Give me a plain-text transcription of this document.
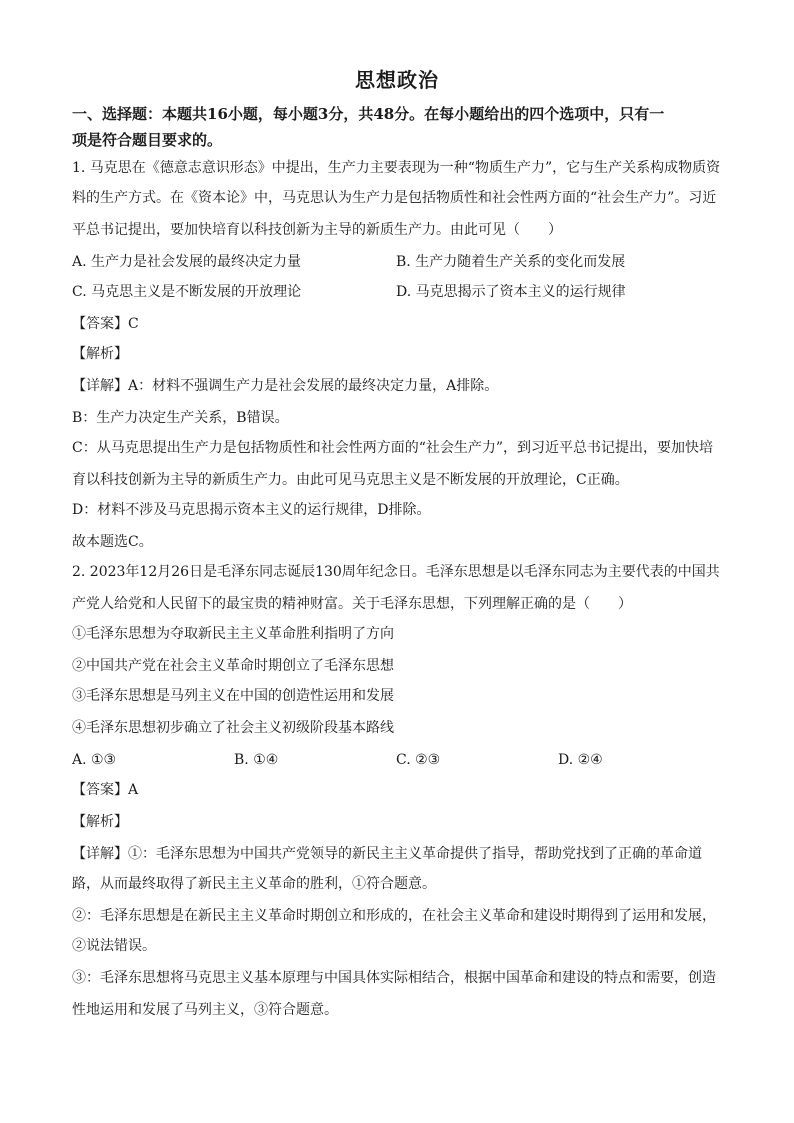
思想政治
一、选择题：本题共16小题，每小题3分，共48分。在每小题给出的四个选项中，只有一
项是符合题目要求的。
1. 马克思在《德意志意识形态》中提出，生产力主要表现为一种“物质生产力”，它与生产关系构成物质资
料的生产方式。在《资本论》中，马克思认为生产力是包括物质性和社会性两方面的“社会生产力”。习近
平总书记提出，要加快培育以科技创新为主导的新质生产力。由此可见（　　）
A. 生产力是社会发展的最终决定力量	B. 生产力随着生产关系的变化而发展
C. 马克思主义是不断发展的开放理论	D. 马克思揭示了资本主义的运行规律
【答案】C
【解析】
【详解】A：材料不强调生产力是社会发展的最终决定力量，A排除。
B：生产力决定生产关系，B错误。
C：从马克思提出生产力是包括物质性和社会性两方面的“社会生产力”，到习近平总书记提出，要加快培
育以科技创新为主导的新质生产力。由此可见马克思主义是不断发展的开放理论，C正确。
D：材料不涉及马克思揭示资本主义的运行规律，D排除。
故本题选C。
2. 2023年12月26日是毛泽东同志诞辰130周年纪念日。毛泽东思想是以毛泽东同志为主要代表的中国共
产党人给党和人民留下的最宝贵的精神财富。关于毛泽东思想，下列理解正确的是（　　）
①毛泽东思想为夺取新民主主义革命胜利指明了方向
②中国共产党在社会主义革命时期创立了毛泽东思想
③毛泽东思想是马列主义在中国的创造性运用和发展
④毛泽东思想初步确立了社会主义初级阶段基本路线
A. ①③	B. ①④	C. ②③	D. ②④
【答案】A
【解析】
【详解】①：毛泽东思想为中国共产党领导的新民主主义革命提供了指导，帮助党找到了正确的革命道
路，从而最终取得了新民主主义革命的胜利，①符合题意。
②：毛泽东思想是在新民主主义革命时期创立和形成的，在社会主义革命和建设时期得到了运用和发展，
②说法错误。
③：毛泽东思想将马克思主义基本原理与中国具体实际相结合，根据中国革命和建设的特点和需要，创造
性地运用和发展了马列主义，③符合题意。
